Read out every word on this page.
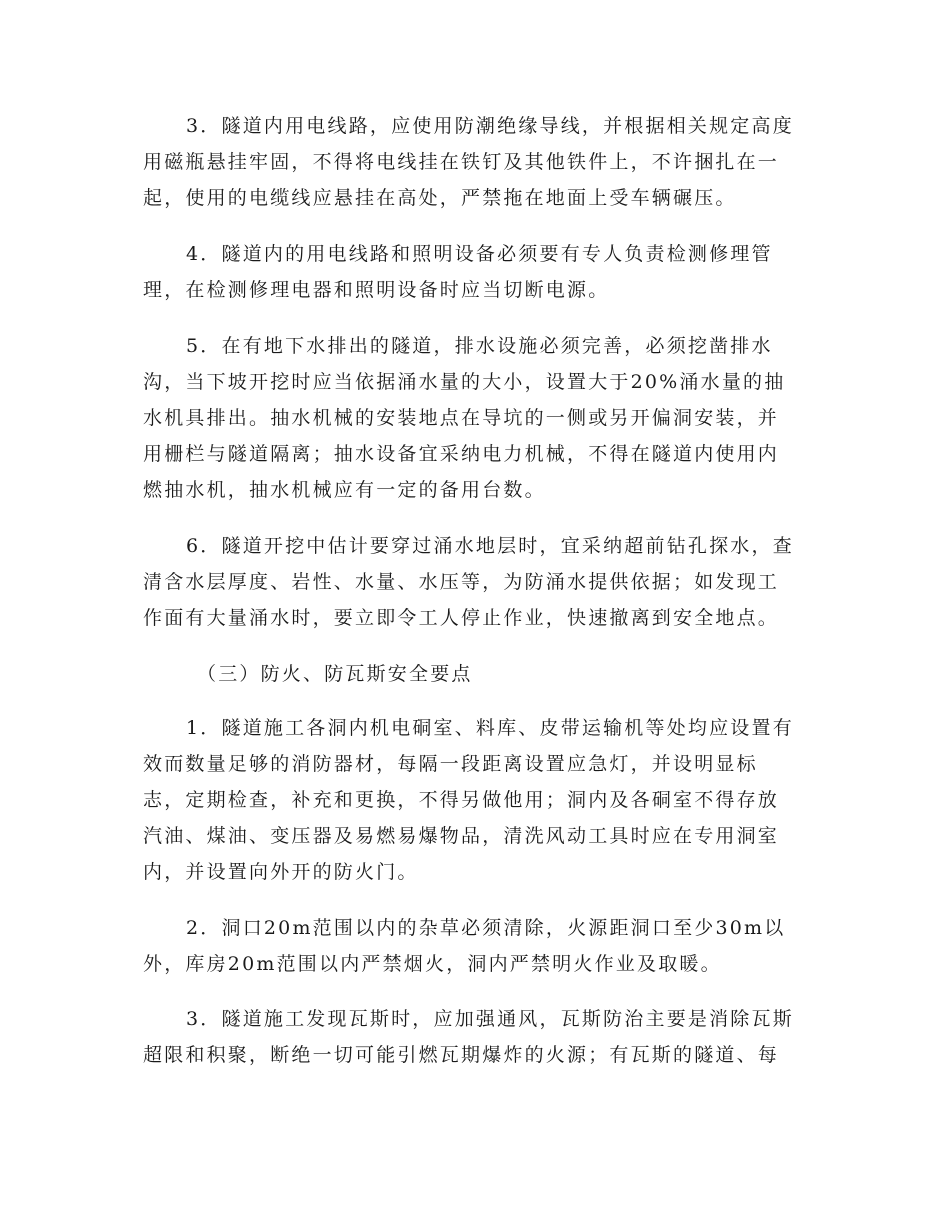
3．隧道内用电线路，应使用防潮绝缘导线，并根据相关规定高度
用磁瓶悬挂牢固，不得将电线挂在铁钉及其他铁件上，不许捆扎在一
起，使用的电缆线应悬挂在高处，严禁拖在地面上受车辆碾压。
4．隧道内的用电线路和照明设备必须要有专人负责检测修理管
理，在检测修理电器和照明设备时应当切断电源。
5．在有地下水排出的隧道，排水设施必须完善，必须挖凿排水
沟，当下坡开挖时应当依据涌水量的大小，设置大于20%涌水量的抽
水机具排出。抽水机械的安装地点在导坑的一侧或另开偏洞安装，并
用栅栏与隧道隔离；抽水设备宜采纳电力机械，不得在隧道内使用内
燃抽水机，抽水机械应有一定的备用台数。
6．隧道开挖中估计要穿过涌水地层时，宜采纳超前钻孔探水，查
清含水层厚度、岩性、水量、水压等，为防涌水提供依据；如发现工
作面有大量涌水时，要立即令工人停止作业，快速撤离到安全地点。
（三）防火、防瓦斯安全要点
1．隧道施工各洞内机电硐室、料库、皮带运输机等处均应设置有
效而数量足够的消防器材，每隔一段距离设置应急灯，并设明显标
志，定期检查，补充和更换，不得另做他用；洞内及各硐室不得存放
汽油、煤油、变压器及易燃易爆物品，清洗风动工具时应在专用洞室
内，并设置向外开的防火门。
2．洞口20m范围以内的杂草必须清除，火源距洞口至少30m以
外，库房20m范围以内严禁烟火，洞内严禁明火作业及取暖。
3．隧道施工发现瓦斯时，应加强通风，瓦斯防治主要是消除瓦斯
超限和积聚，断绝一切可能引燃瓦期爆炸的火源；有瓦斯的隧道、每
